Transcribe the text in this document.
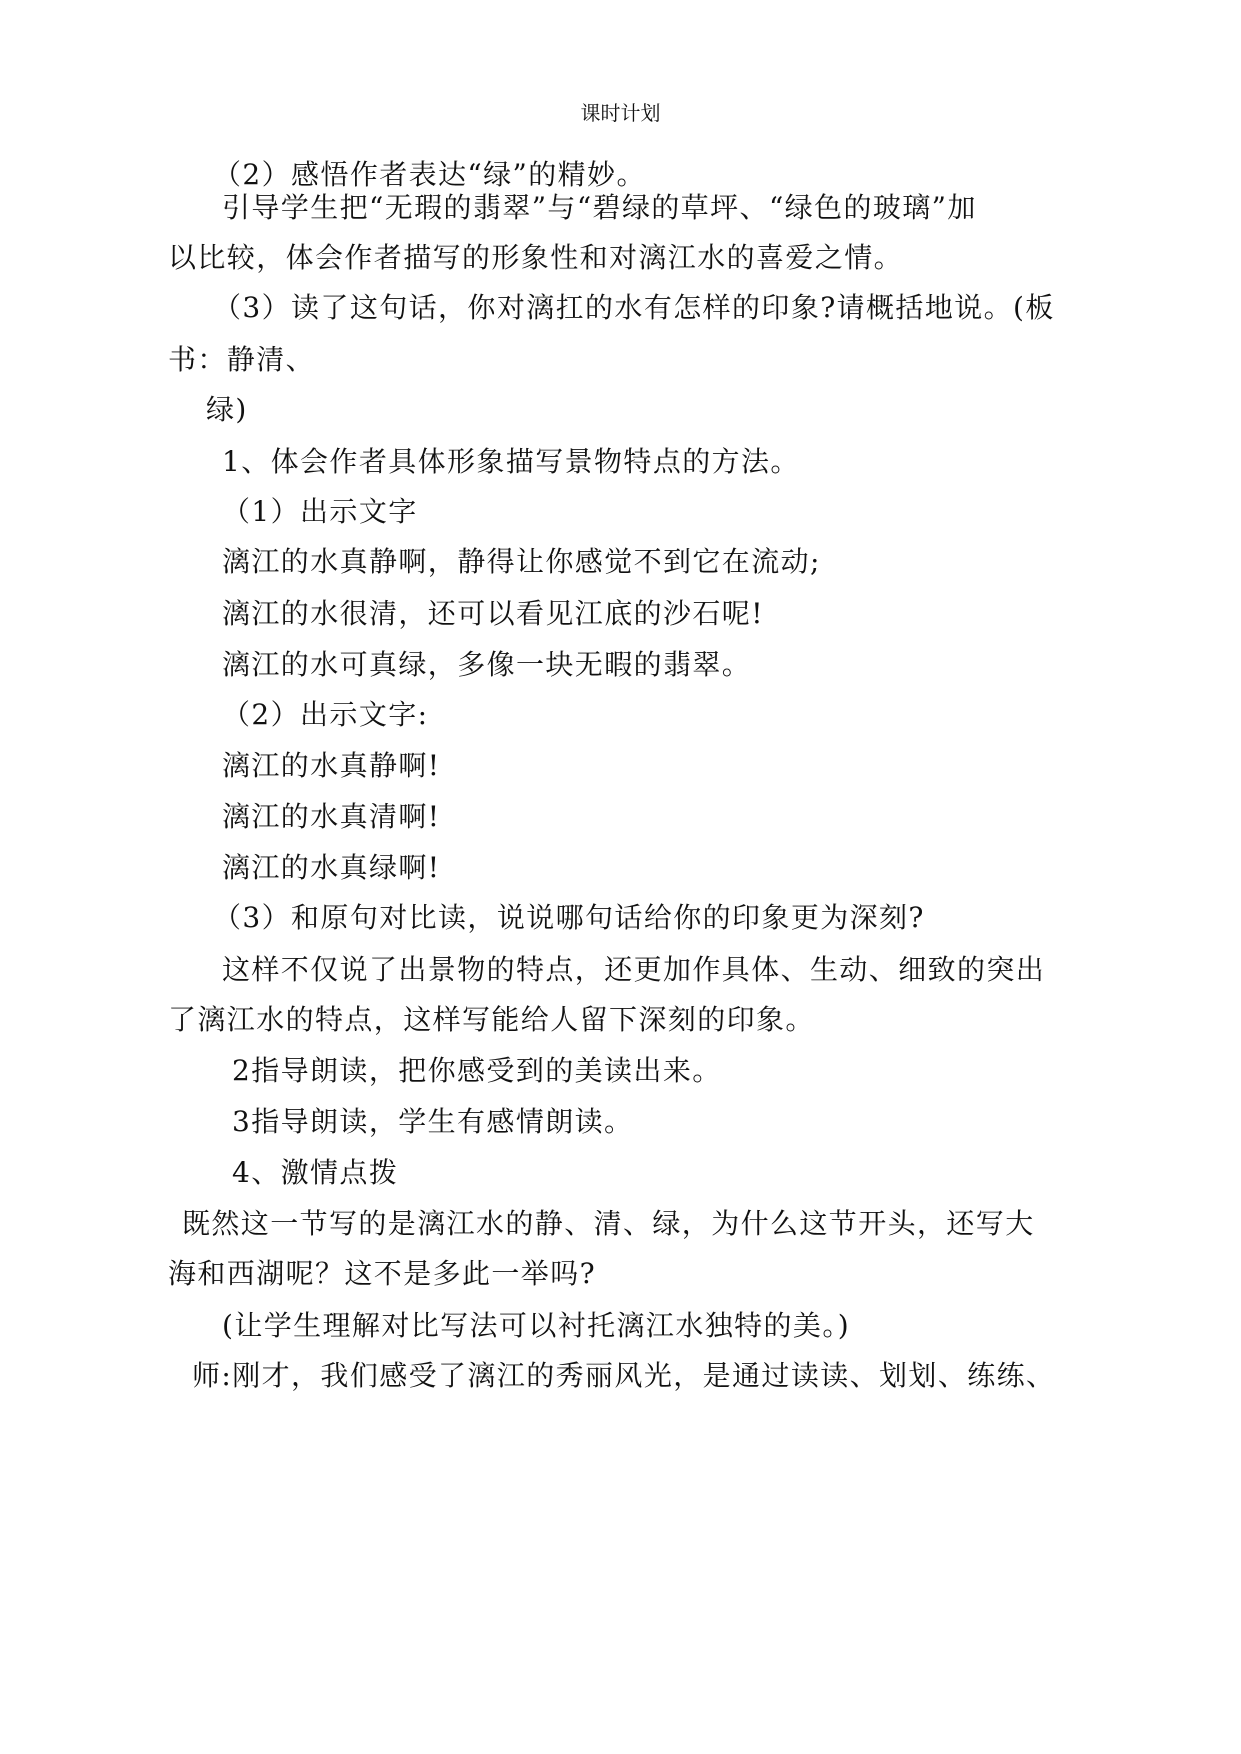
课时计划
（2）感悟作者表达“绿”的精妙。
引导学生把“无瑕的翡翠”与“碧绿的草坪、“绿色的玻璃”加
以比较，体会作者描写的形象性和对漓江水的喜爱之情。
（3）读了这句话，你对漓扛的水有怎样的印象?请概括地说。(板
书：静清、
绿)
1、体会作者具体形象描写景物特点的方法。
（1）出示文字
漓江的水真静啊，静得让你感觉不到它在流动;
漓江的水很清，还可以看见江底的沙石呢!
漓江的水可真绿，多像一块无暇的翡翠。
（2）出示文字:
漓江的水真静啊!
漓江的水真清啊!
漓江的水真绿啊!
（3）和原句对比读，说说哪句话给你的印象更为深刻?
这样不仅说了出景物的特点，还更加作具体、生动、细致的突出
了漓江水的特点，这样写能给人留下深刻的印象。
2指导朗读，把你感受到的美读出来。
3指导朗读，学生有感情朗读。
4、激情点拨
既然这一节写的是漓江水的静、清、绿，为什么这节开头，还写大
海和西湖呢？这不是多此一举吗?
(让学生理解对比写法可以衬托漓江水独特的美。)
师:刚才，我们感受了漓江的秀丽风光，是通过读读、划划、练练、
